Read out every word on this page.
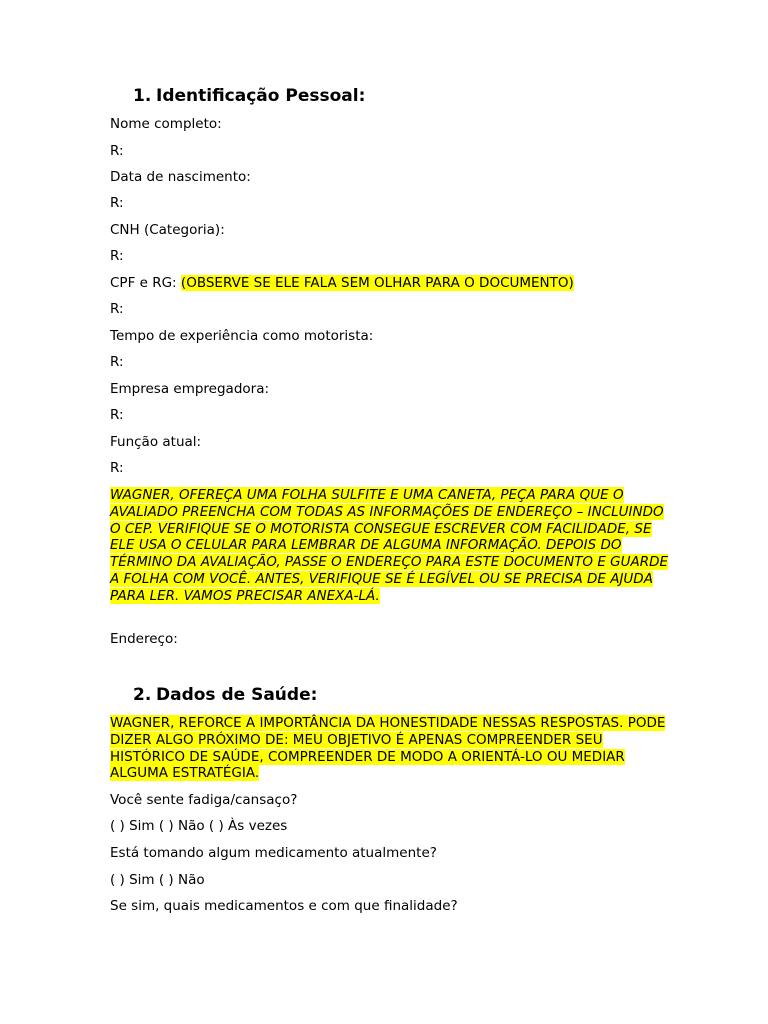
1. Identificação Pessoal:
Nome completo:
R:
Data de nascimento:
R:
CNH (Categoria):
R:
CPF e RG: (OBSERVE SE ELE FALA SEM OLHAR PARA O DOCUMENTO)
R:
Tempo de experiência como motorista:
R:
Empresa empregadora:
R:
Função atual:
R:
WAGNER, OFEREÇA UMA FOLHA SULFITE E UMA CANETA, PEÇA PARA QUE O AVALIADO PREENCHA COM TODAS AS INFORMAÇÕES DE ENDEREÇO – INCLUINDO O CEP. VERIFIQUE SE O MOTORISTA CONSEGUE ESCREVER COM FACILIDADE, SE ELE USA O CELULAR PARA LEMBRAR DE ALGUMA INFORMAÇÃO. DEPOIS DO TÉRMINO DA AVALIAÇÃO, PASSE O ENDEREÇO PARA ESTE DOCUMENTO E GUARDE A FOLHA COM VOCÊ. ANTES, VERIFIQUE SE É LEGÍVEL OU SE PRECISA DE AJUDA PARA LER. VAMOS PRECISAR ANEXA-LÁ.
Endereço:
2. Dados de Saúde:
WAGNER, REFORCE A IMPORTÂNCIA DA HONESTIDADE NESSAS RESPOSTAS. PODE DIZER ALGO PRÓXIMO DE: MEU OBJETIVO É APENAS COMPREENDER SEU HISTÓRICO DE SAÚDE, COMPREENDER DE MODO A ORIENTÁ-LO OU MEDIAR ALGUMA ESTRATÉGIA.
Você sente fadiga/cansaço?
( ) Sim ( ) Não ( ) Às vezes
Está tomando algum medicamento atualmente?
( ) Sim ( ) Não
Se sim, quais medicamentos e com que finalidade?
